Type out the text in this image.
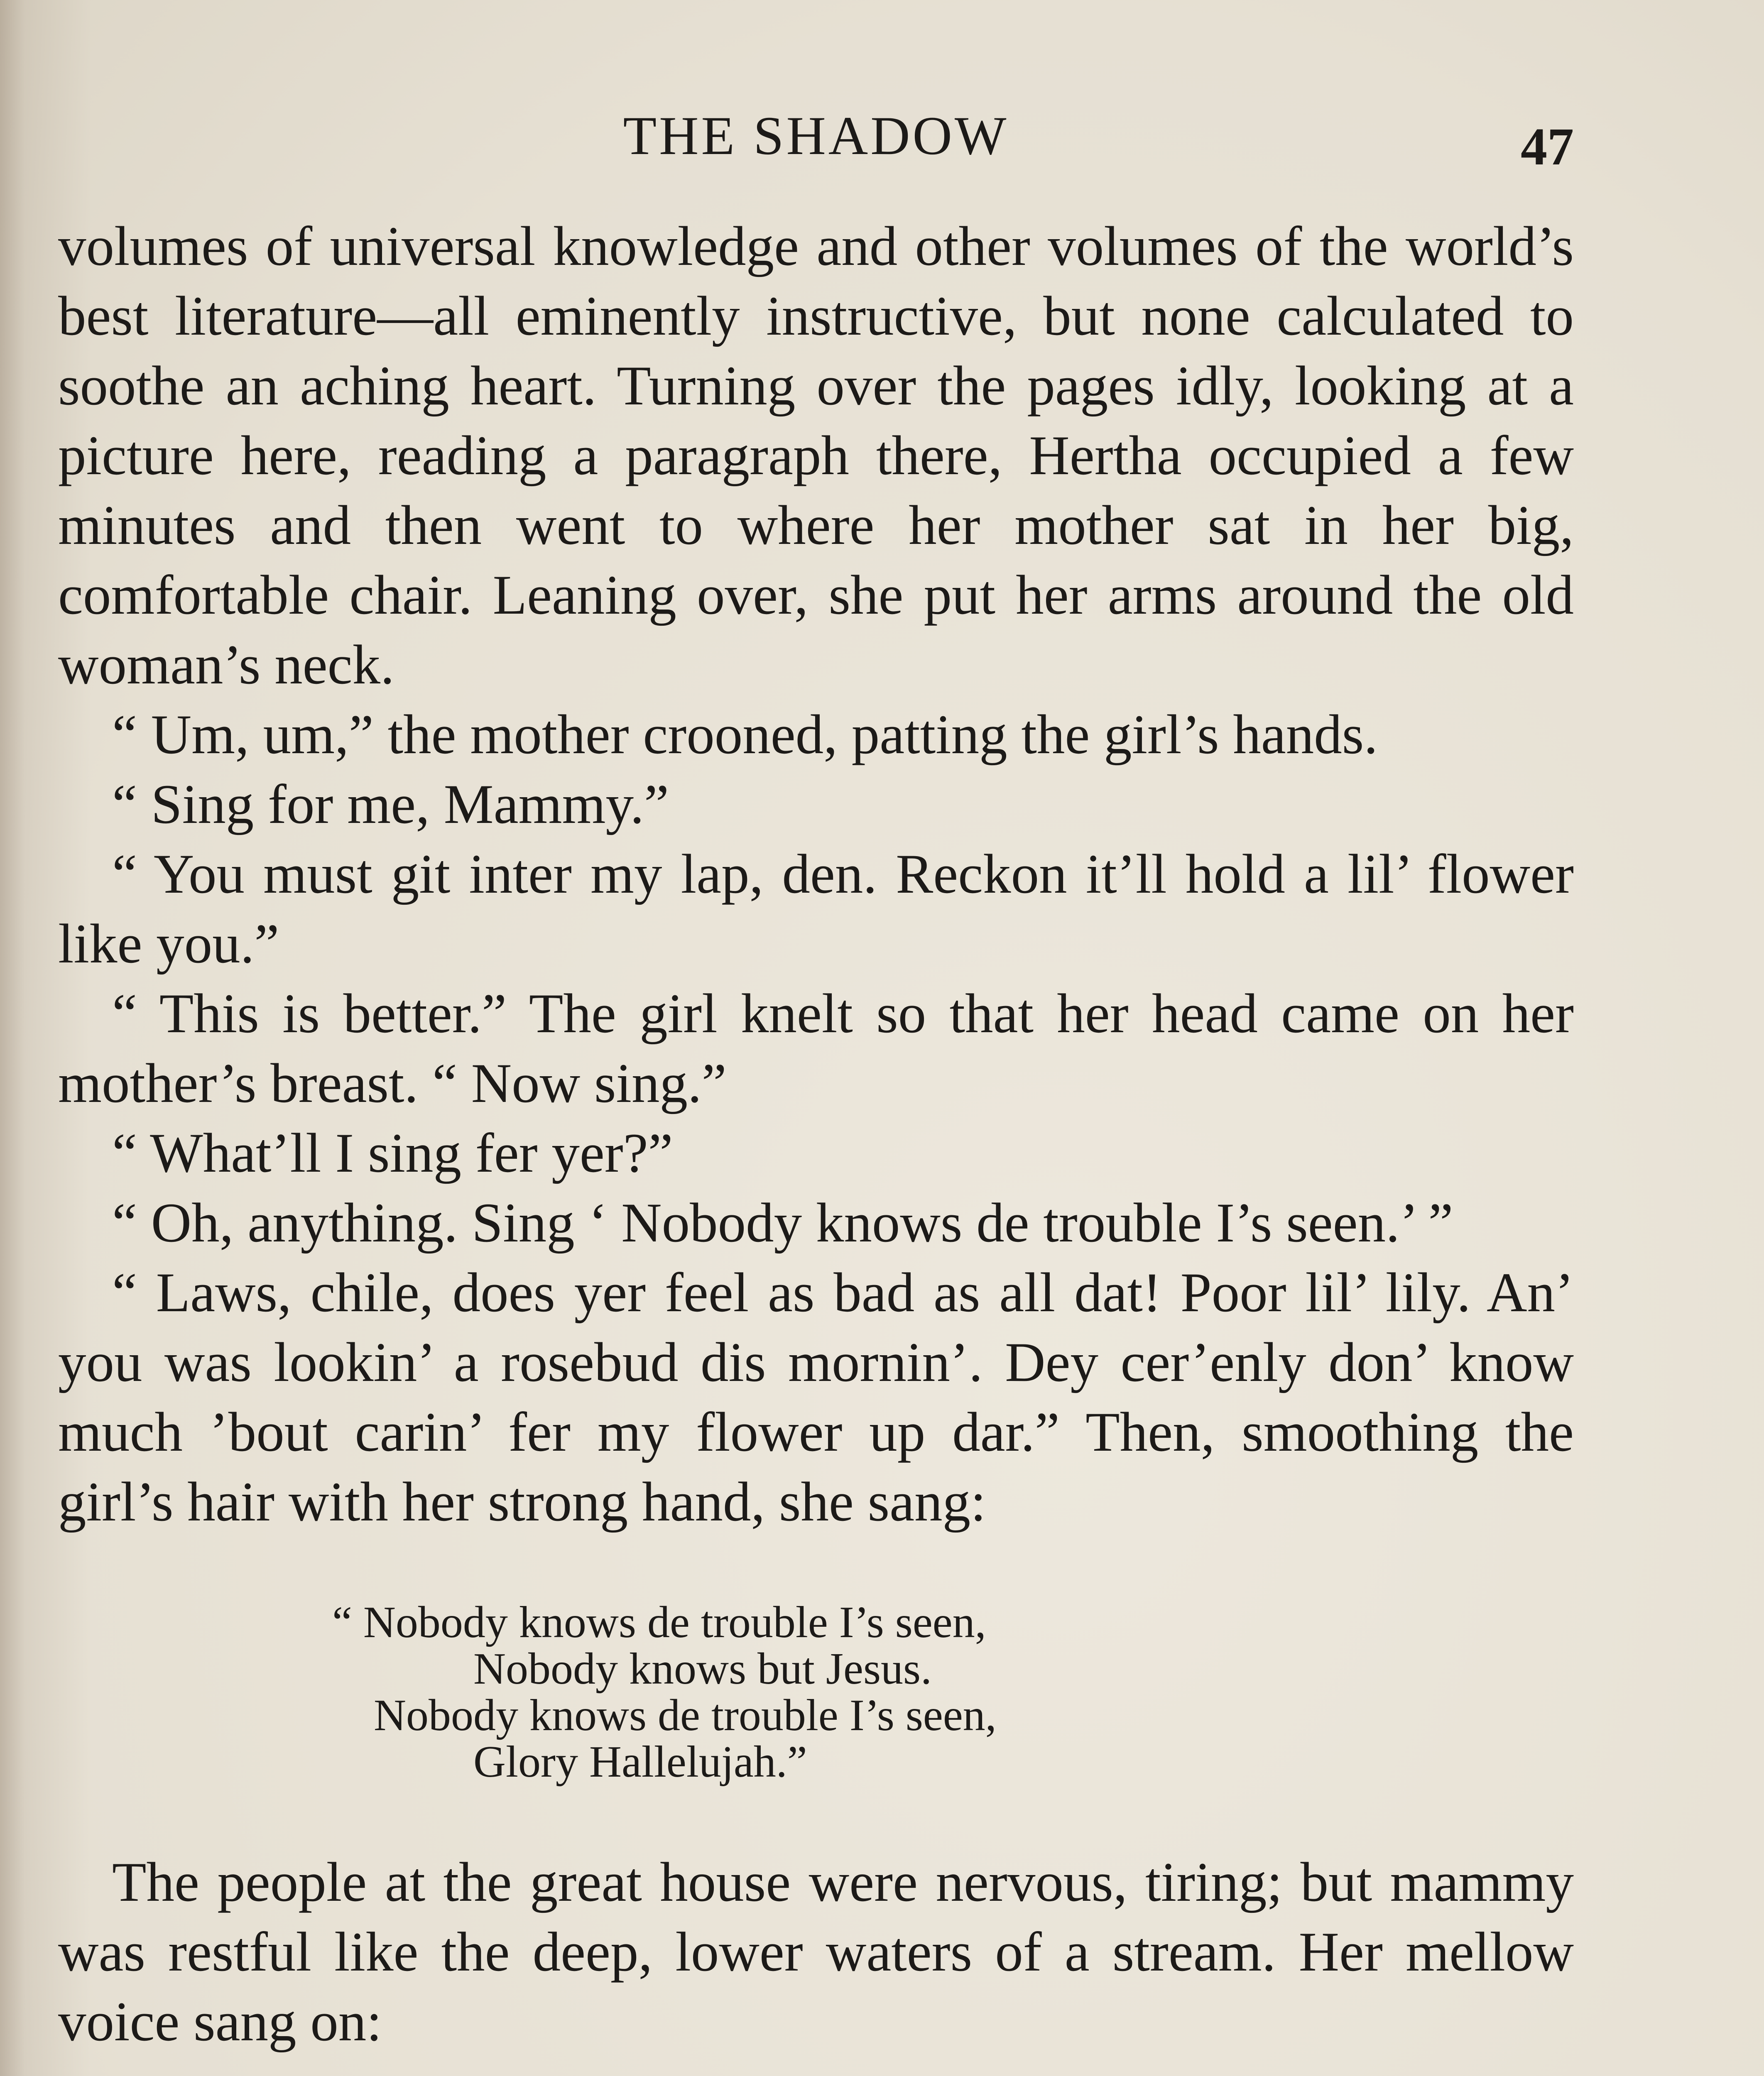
THE SHADOW	47

volumes of universal knowledge and other volumes of the world’s best literature—all eminently instructive, but none calculated to soothe an aching heart. Turning over the pages idly, looking at a picture here, reading a paragraph there, Hertha occupied a few minutes and then went to where her mother sat in her big, comfortable chair. Leaning over, she put her arms around the old woman’s neck.

“ Um, um,” the mother crooned, patting the girl’s hands.

“ Sing for me, Mammy.”

“ You must git inter my lap, den. Reckon it’ll hold a lil’ flower like you.”

“ This is better.” The girl knelt so that her head came on her mother’s breast. “ Now sing.”

“ What’ll I sing fer yer?”

“ Oh, anything. Sing ‘ Nobody knows de trouble I’s seen.’ ”

“ Laws, chile, does yer feel as bad as all dat! Poor lil’ lily. An’ you was lookin’ a rosebud dis mornin’. Dey cer’enly don’ know much ’bout carin’ fer my flower up dar.” Then, smoothing the girl’s hair with her strong hand, she sang:

“ Nobody knows de trouble I’s seen,
Nobody knows but Jesus.
Nobody knows de trouble I’s seen,
Glory Hallelujah.”

The people at the great house were nervous, tiring; but mammy was restful like the deep, lower waters of a stream. Her mellow voice sang on:
